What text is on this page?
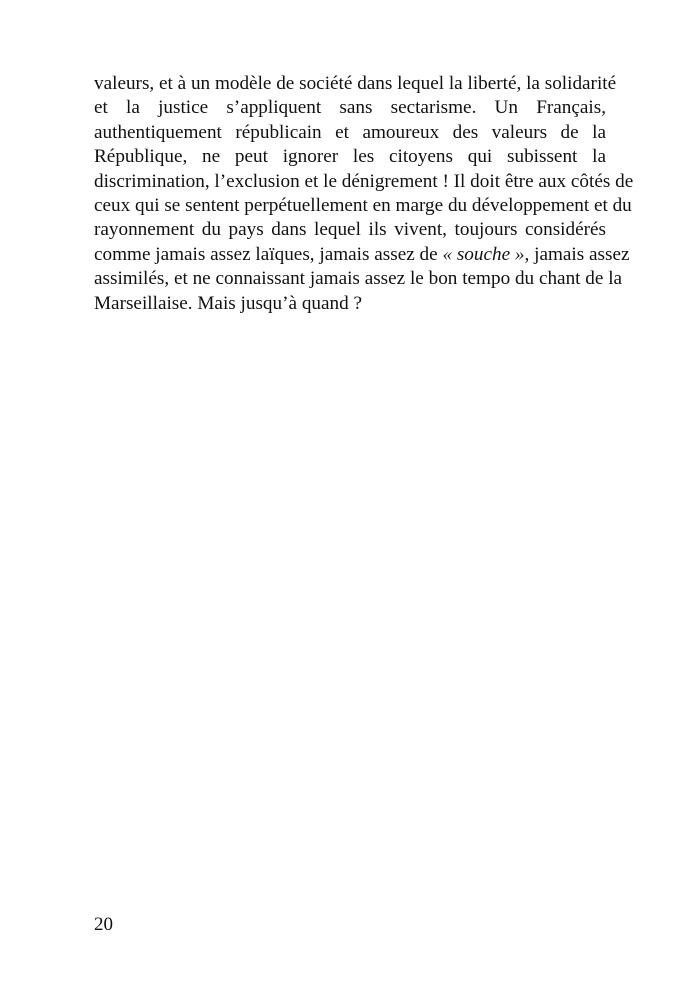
valeurs, et à un modèle de société dans lequel la liberté, la solidarité
et la justice s’appliquent sans sectarisme. Un Français,
authentiquement républicain et amoureux des valeurs de la
République, ne peut ignorer les citoyens qui subissent la
discrimination, l’exclusion et le dénigrement ! Il doit être aux côtés de
ceux qui se sentent perpétuellement en marge du développement et du
rayonnement du pays dans lequel ils vivent, toujours considérés
comme jamais assez laïques, jamais assez de « souche », jamais assez
assimilés, et ne connaissant jamais assez le bon tempo du chant de la
Marseillaise. Mais jusqu’à quand ?
20
